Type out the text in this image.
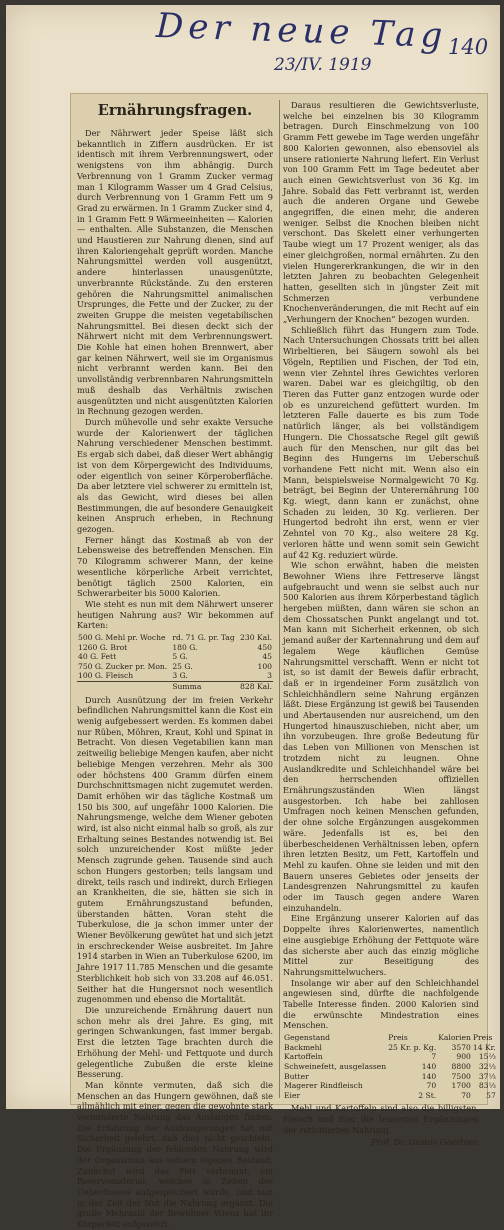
Der neue Tag
23/IV. 1919
140
Ernährungsfragen.

Der Nährwert jeder Speise läßt sich bekanntlich in Ziffern ausdrücken. Er ist identisch mit ihrem Verbrennungswert, oder wenigstens von ihm abhängig. Durch Verbrennung von 1 Gramm Zucker vermag man 1 Kilogramm Wasser um 4 Grad Celsius, durch Verbrennung von 1 Gramm Fett um 9 Grad zu erwärmen. In 1 Gramm Zucker sind 4, in 1 Gramm Fett 9 Wärmeeinheiten — Kalorien — enthalten. Alle Substanzen, die Menschen und Haustieren zur Nahrung dienen, sind auf ihren Kaloriengehalt geprüft worden. Manche Nahrungsmittel werden voll ausgenützt, andere hinterlassen unausgenützte, unverbrannte Rückstände. Zu den ersteren gehören die Nahrungsmittel animalischen Ursprunges, die Fette und der Zucker, zu der zweiten Gruppe die meisten vegetabilischen Nahrungsmittel. Bei diesen deckt sich der Nährwert nicht mit dem Verbrennungswert. Die Kohle hat einen hohen Brennwert, aber gar keinen Nährwert, weil sie im Organismus nicht verbrannt werden kann. Bei den unvollständig verbrennbaren Nahrungsmitteln muß deshalb das Verhältnis zwischen ausgenützten und nicht ausgenützten Kalorien in Rechnung gezogen werden.

Durch mühevolle und sehr exakte Versuche wurde der Kalorienwert der täglichen Nahrung verschiedener Menschen bestimmt. Es ergab sich dabei, daß dieser Wert abhängig ist von dem Körpergewicht des Individuums, oder eigentlich von seiner Körperoberfläche. Da aber letztere viel schwerer zu ermitteln ist, als das Gewicht, wird dieses bei allen Bestimmungen, die auf besondere Genauigkeit keinen Anspruch erheben, in Rechnung gezogen.

Ferner hängt das Kostmaß ab von der Lebensweise des betreffenden Menschen. Ein 70 Kilogramm schwerer Mann, der keine wesentliche körperliche Arbeit verrichtet, benötigt täglich 2500 Kalorien, ein Schwerarbeiter bis 5000 Kalorien.

Wie steht es nun mit dem Nährwert unserer heutigen Nahrung aus? Wir bekommen auf Karten:

500 G. Mehl pr. Woche	rd. 71 G. pr. Tag	230 Kal.
1260 G. Brot	180 G.	450
40 G. Fett	5 G.	45
750 G. Zucker pr. Mon.	25 G.	100
100 G. Fleisch	3 G.	3
	Summa	828 Kal.

Durch Ausnützung der im freien Verkehr befindlichen Nahrungsmittel kann die Kost ein wenig aufgebessert werden. Es kommen dabei nur Rüben, Möhren, Kraut, Kohl und Spinat in Betracht. Von diesen Vegetabilien kann man zeitweilig beliebige Mengen kaufen, aber nicht beliebige Mengen verzehren. Mehr als 300 oder höchstens 400 Gramm dürfen einem Durchschnittsmagen nicht zugemutet werden. Damit erhöhen wir das tägliche Kostmaß um 150 bis 300, auf ungefähr 1000 Kalorien. Die Nahrungsmenge, welche dem Wiener geboten wird, ist also nicht einmal halb so groß, als zur Erhaltung seines Bestandes notwendig ist. Bei solch unzureichender Kost müßte jeder Mensch zugrunde gehen. Tausende sind auch schon Hungers gestorben; teils langsam und direkt, teils rasch und indirekt, durch Erliegen an Krankheiten, die sie, hätten sie sich in gutem Ernährungszustand befunden, überstanden hätten. Voran steht die Tuberkulose, die ja schon immer unter der Wiener Bevölkerung gewütet hat und sich jetzt in erschreckender Weise ausbreitet. Im Jahre 1914 starben in Wien an Tuberkulose 6200, im Jahre 1917 11.785 Menschen und die gesamte Sterblichkeit hob sich von 33.208 auf 46.051. Seither hat die Hungersnot noch wesentlich zugenommen und ebenso die Mortalität.

Die unzureichende Ernährung dauert nun schon mehr als drei Jahre. Es ging, mit geringen Schwankungen, fast immer bergab. Erst die letzten Tage brachten durch die Erhöhung der Mehl- und Fettquote und durch gelegentliche Zubußen die erste kleine Besserung.

Man könnte vermuten, daß sich die Menschen an das Hungern gewöhnen, daß sie allmählich mit einer, gegen die gewohnte stark verminderte Nahrung das Auslangen finden. Die Erfahrung der Aushungerungen hat mit Sicherheit gelehrt, daß dies nicht geschieht. Die Ergänzung der fehlenden Nahrung wird der Organismus aus seinem eigenen Bestand. Zunächst wird das Fett verbrannt, ein Reservematerial, welches in Zeiten des Ueberflusses aufgespeichert wurde, und nun in der Zeit der Not die Nahrung ergänzt. Die große Mehrzahl der Bewohner Wiens hat ihr Körperfett aufgezehrt.

Daraus resultieren die Gewichtsverluste, welche bei einzelnen bis 30 Kilogramm betragen. Durch Einschmelzung von 100 Gramm Fett gewebe im Tage werden ungefähr 800 Kalorien gewonnen, also ebensoviel als unsere rationierte Nahrung liefert. Ein Verlust von 100 Gramm Fett im Tage bedeutet aber auch einen Gewichtsverlust von 36 Kg. im Jahre. Sobald das Fett verbrannt ist, werden auch die anderen Organe und Gewebe angegriffen, die einen mehr, die anderen weniger. Selbst die Knochen bleiben nicht verschont. Das Skelett einer verhungerten Taube wiegt um 17 Prozent weniger, als das einer gleichgroßen, normal ernährten. Zu den vielen Hungererkrankungen, die wir in den letzten Jahren zu beobachten Gelegenheit hatten, gesellten sich in jüngster Zeit mit Schmerzen verbundene Knochenveränderungen, die mit Recht auf ein „Verhungern der Knochen“ bezogen wurden.

Schließlich führt das Hungern zum Tode. Nach Untersuchungen Chossats tritt bei allen Wirbeltieren, bei Säugern sowohl als bei Vögeln, Reptilien und Fischen, der Tod ein, wenn vier Zehntel ihres Gewichtes verloren waren. Dabei war es gleichgiltig, ob den Tieren das Futter ganz entzogen wurde oder ob es unzureichend gefüttert wurden. Im letzteren Falle dauerte es bis zum Tode natürlich länger, als bei vollständigem Hungern. Die Chossatsche Regel gilt gewiß auch für den Menschen, nur gilt das bei Beginn des Hungerns im Ueberschuß vorhandene Fett nicht mit. Wenn also ein Mann, beispielsweise Normalgewicht 70 Kg. beträgt, bei Beginn der Unterernährung 100 Kg. wiegt, dann kann er zunächst, ohne Schaden zu leiden, 30 Kg. verlieren. Der Hungertod bedroht ihn erst, wenn er vier Zehntel von 70 Kg., also weitere 28 Kg. verloren hätte und wenn somit sein Gewicht auf 42 Kg. reduziert würde.

Wie schon erwähnt, haben die meisten Bewohner Wiens ihre Fettreserve längst aufgebraucht und wenn sie selbst auch nur 500 Kalorien aus ihrem Körperbestand täglich hergeben müßten, dann wären sie schon an dem Chossatschen Punkt angelangt und tot. Man kann mit Sicherheit erkennen, ob sich jemand außer der Kartennahrung und dem auf legalem Wege käuflichen Gemüse Nahrungsmittel verschafft. Wenn er nicht tot ist, so ist damit der Beweis dafür erbracht, daß er in irgendeiner Form zusätzlich von Schleichhändlern seine Nahrung ergänzen läßt. Diese Ergänzung ist gewiß bei Tausenden und Abertausenden nur ausreichend, um den Hungertod hinauszuschieben, nicht aber, um ihn vorzubeugen. Ihre große Bedeutung für das Leben von Millionen von Menschen ist trotzdem nicht zu leugnen. Ohne Auslandkredite und Schleichhandel wäre bei den herrschenden offiziellen Ernährungszuständen Wien längst ausgestorben. Ich habe bei zahllosen Umfragen noch keinen Menschen gefunden, der ohne solche Ergänzungen ausgekommen wäre. Jedenfalls ist es, bei den überbescheidenen Verhältnissen leben, opfern ihren letzten Besitz, um Fett, Kartoffeln und Mehl zu kaufen. Ohne sie leiden und mit den Bauern unseres Gebietes oder jenseits der Landesgrenzen Nahrungsmittel zu kaufen oder im Tausch gegen andere Waren einzuhandeln.

Eine Ergänzung unserer Kalorien auf das Doppelte ihres Kalorienwertes, namentlich eine ausgiebige Erhöhung der Fettquote wäre das sicherste aber auch das einzig mögliche Mittel zur Beseitigung des Nahrungsmittelwuchers.

Insolange wir aber auf den Schleichhandel angewiesen sind, dürfte die nachfolgende Tabelle Interesse finden. 2000 Kalorien sind die erwünschte Mindestration eines Menschen.

Gegenstand	Preis	Kalorien	Preis
Backmehl	25 Kr. p. Kg.	3570	14 Kr.
Kartoffeln	7	900	15⅔
Schweinefett, ausgelassen	140	8800	32⅓
Butter	140	7500	37⅓
Magerer Rindfleisch	70	1700	83⅓
Eier	2 St.	70	57

Mehl und Kartoffeln sind also die billigsten, Fleisch und Eier die teuersten Ergänzungen der rationierten Nahrung.

Prof. Dr. Gustav Gaertner.
